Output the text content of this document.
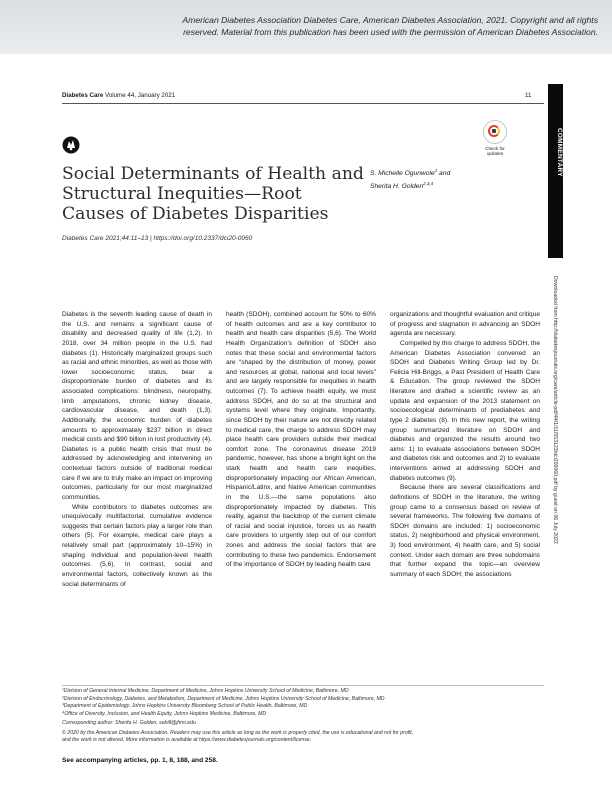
American Diabetes Association Diabetes Care, American Diabetes Association, 2021. Copyright and all rights
reserved. Material from this publication has been used with the permission of American Diabetes Association.
Diabetes Care Volume 44, January 2021	11
COMMENTARY
Downloaded from http://diabetesjournals.org/care/article-pdf/44/1/11/553123/dci200060.pdf by guest on 06 July 2022
Check for
updates
Social Determinants of Health and
Structural Inequities—Root
Causes of Diabetes Disparities
Diabetes Care 2021;44:11–13 | https://doi.org/10.2337/dci20-0060
S. Michelle Ogunwole$^1$ and
Sherita H. Golden$^{2,3,4}$

Diabetes is the seventh leading cause of death in the U.S. and remains a significant cause of disability and decreased quality of life (1,2). In 2018, over 34 million people in the U.S. had diabetes (1). Historically marginalized groups such as racial and ethnic minorities, as well as those with lower socioeconomic status, bear a disproportionate burden of diabetes and its associated complications: blindness, neuropathy, limb amputations, chronic kidney disease, cardiovascular disease, and death (1,3). Additionally, the economic burden of diabetes amounts to approximately $237 billion in direct medical costs and $90 billion in lost productivity (4). Diabetes is a public health crisis that must be addressed by acknowledging and intervening on contextual factors outside of traditional medical care if we are to truly make an impact on improving outcomes, particularly for our most marginalized communities.

While contributors to diabetes outcomes are unequivocally multifactorial, cumulative evidence suggests that certain factors play a larger role than others (5). For example, medical care plays a relatively small part (approximately 10–15%) in shaping individual and population-level health outcomes (5,6). In contrast, social and environmental factors, collectively known as the social determinants of

health (SDOH), combined account for 50% to 60% of health outcomes and are a key contributor to health and health care disparities (5,6). The World Health Organization’s definition of SDOH also notes that these social and environmental factors are “shaped by the distribution of money, power and resources at global, national and local levels” and are largely responsible for inequities in health outcomes (7). To achieve health equity, we must address SDOH, and do so at the structural and systems level where they originate. Importantly, since SDOH by their nature are not directly related to medical care, the charge to address SDOH may place health care providers outside their medical comfort zone. The coronavirus disease 2019 pandemic, however, has shone a bright light on the stark health and health care inequities, disproportionately impacting our African American, Hispanic/Latinx, and Native American communities in the U.S.—the same populations also disproportionately impacted by diabetes. This reality, against the backdrop of the current climate of racial and social injustice, forces us as health care providers to urgently step out of our comfort zones and address the social factors that are contributing to these two pandemics. Endorsement of the importance of SDOH by leading health care

organizations and thoughtful evaluation and critique of progress and stagnation in advancing an SDOH agenda are necessary.

Compelled by this charge to address SDOH, the American Diabetes Association convened an SDOH and Diabetes Writing Group led by Dr. Felicia Hill-Briggs, a Past President of Health Care & Education. The group reviewed the SDOH literature and drafted a scientific review as an update and expansion of the 2013 statement on socioecological determinants of prediabetes and type 2 diabetes (8). In this new report, the writing group summarized literature on SDOH and diabetes and organized the results around two aims: 1) to evaluate associations between SDOH and diabetes risk and outcomes and 2) to evaluate interventions aimed at addressing SDOH and diabetes outcomes (9).

Because there are several classifications and definitions of SDOH in the literature, the writing group came to a consensus based on review of several frameworks. The following five domains of SDOH domains are included: 1) socioeconomic status, 2) neighborhood and physical environment, 3) food environment, 4) health care, and 5) social context. Under each domain are three subdomains that further expand the topic—an overview summary of each SDOH; the associations

¹Division of General Internal Medicine, Department of Medicine, Johns Hopkins University School of Medicine, Baltimore, MD
²Division of Endocrinology, Diabetes, and Metabolism, Department of Medicine, Johns Hopkins University School of Medicine, Baltimore, MD
³Department of Epidemiology, Johns Hopkins University Bloomberg School of Public Health, Baltimore, MD
⁴Office of Diversity, Inclusion, and Health Equity, Johns Hopkins Medicine, Baltimore, MD
Corresponding author: Sherita H. Golden, sahill@jhmi.edu
© 2020 by the American Diabetes Association. Readers may use this article as long as the work is properly cited, the use is educational and not for profit,
and the work is not altered. More information is available at https://www.diabetesjournals.org/content/license.
See accompanying articles, pp. 1, 8, 188, and 258.
